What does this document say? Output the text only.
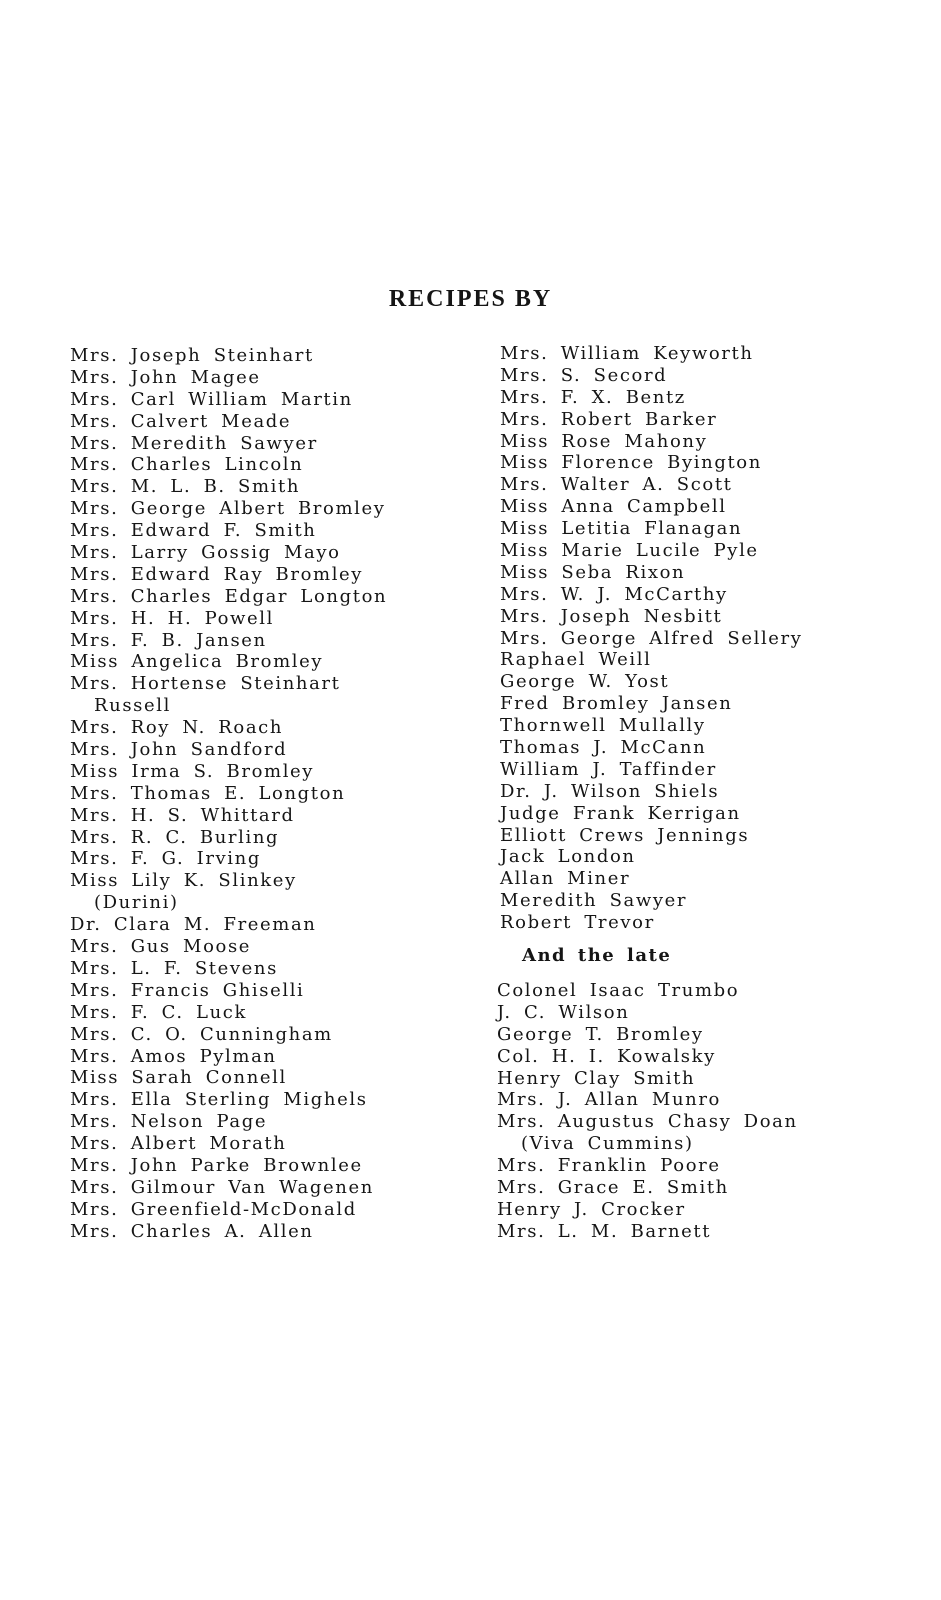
RECIPES BY
Mrs. Joseph Steinhart
Mrs. John Magee
Mrs. Carl William Martin
Mrs. Calvert Meade
Mrs. Meredith Sawyer
Mrs. Charles Lincoln
Mrs. M. L. B. Smith
Mrs. George Albert Bromley
Mrs. Edward F. Smith
Mrs. Larry Gossig Mayo
Mrs. Edward Ray Bromley
Mrs. Charles Edgar Longton
Mrs. H. H. Powell
Mrs. F. B. Jansen
Miss Angelica Bromley
Mrs. Hortense Steinhart
Russell
Mrs. Roy N. Roach
Mrs. John Sandford
Miss Irma S. Bromley
Mrs. Thomas E. Longton
Mrs. H. S. Whittard
Mrs. R. C. Burling
Mrs. F. G. Irving
Miss Lily K. Slinkey
(Durini)
Dr. Clara M. Freeman
Mrs. Gus Moose
Mrs. L. F. Stevens
Mrs. Francis Ghiselli
Mrs. F. C. Luck
Mrs. C. O. Cunningham
Mrs. Amos Pylman
Miss Sarah Connell
Mrs. Ella Sterling Mighels
Mrs. Nelson Page
Mrs. Albert Morath
Mrs. John Parke Brownlee
Mrs. Gilmour Van Wagenen
Mrs. Greenfield-McDonald
Mrs. Charles A. Allen
Mrs. William Keyworth
Mrs. S. Secord
Mrs. F. X. Bentz
Mrs. Robert Barker
Miss Rose Mahony
Miss Florence Byington
Mrs. Walter A. Scott
Miss Anna Campbell
Miss Letitia Flanagan
Miss Marie Lucile Pyle
Miss Seba Rixon
Mrs. W. J. McCarthy
Mrs. Joseph Nesbitt
Mrs. George Alfred Sellery
Raphael Weill
George W. Yost
Fred Bromley Jansen
Thornwell Mullally
Thomas J. McCann
William J. Taffinder
Dr. J. Wilson Shiels
Judge Frank Kerrigan
Elliott Crews Jennings
Jack London
Allan Miner
Meredith Sawyer
Robert Trevor
And the late
Colonel Isaac Trumbo
J. C. Wilson
George T. Bromley
Col. H. I. Kowalsky
Henry Clay Smith
Mrs. J. Allan Munro
Mrs. Augustus Chasy Doan
(Viva Cummins)
Mrs. Franklin Poore
Mrs. Grace E. Smith
Henry J. Crocker
Mrs. L. M. Barnett
